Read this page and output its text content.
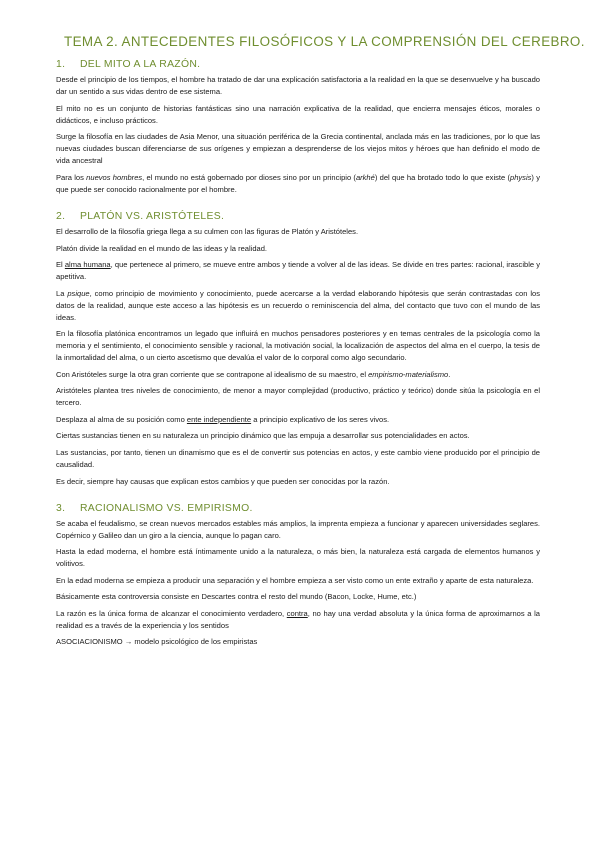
TEMA 2. ANTECEDENTES FILOSÓFICOS Y LA COMPRENSIÓN DEL CEREBRO.
1.	DEL MITO A LA RAZÓN.

Desde el principio de los tiempos, el hombre ha tratado de dar una explicación satisfactoria a la realidad en la que se desenvuelve y ha buscado dar un sentido a sus vidas dentro de ese sistema.

El mito no es un conjunto de historias fantásticas sino una narración explicativa de la realidad, que encierra mensajes éticos, morales o didácticos, e incluso prácticos.

Surge la filosofía en las ciudades de Asia Menor, una situación periférica de la Grecia continental, anclada más en las tradiciones, por lo que las nuevas ciudades buscan diferenciarse de sus orígenes y empiezan a desprenderse de los viejos mitos y héroes que han definido el modo de vida ancestral

Para los nuevos hombres, el mundo no está gobernado por dioses sino por un principio (arkhé) del que ha brotado todo lo que existe (physis) y que puede ser conocido racionalmente por el hombre.

2.	PLATÓN VS. ARISTÓTELES.

El desarrollo de la filosofía griega llega a su culmen con las figuras de Platón y Aristóteles.

Platón divide la realidad en el mundo de las ideas y la realidad.

El alma humana, que pertenece al primero, se mueve entre ambos y tiende a volver al de las ideas. Se divide en tres partes: racional, irascible y apetitiva.

La psique, como principio de movimiento y conocimiento, puede acercarse a la verdad elaborando hipótesis que serán contrastadas con los datos de la realidad, aunque este acceso a las hipótesis es un recuerdo o reminiscencia del alma, del contacto que tuvo con el mundo de las ideas.

En la filosofía platónica encontramos un legado que influirá en muchos pensadores posteriores y en temas centrales de la psicología como la memoria y el sentimiento, el conocimiento sensible y racional, la motivación social, la localización de aspectos del alma en el cuerpo, la tesis de la inmortalidad del alma, o un cierto ascetismo que devalúa el valor de lo corporal como algo secundario.

Con Aristóteles surge la otra gran corriente que se contrapone al idealismo de su maestro, el empirismo-materialismo.

Aristóteles plantea tres niveles de conocimiento, de menor a mayor complejidad (productivo, práctico y teórico) donde sitúa la psicología en el tercero.

Desplaza al alma de su posición como ente independiente a principio explicativo de los seres vivos.

Ciertas sustancias tienen en su naturaleza un principio dinámico que las empuja a desarrollar sus potencialidades en actos.

Las sustancias, por tanto, tienen un dinamismo que es el de convertir sus potencias en actos, y este cambio viene producido por el principio de causalidad.

Es decir, siempre hay causas que explican estos cambios y que pueden ser conocidas por la razón.

3.	RACIONALISMO VS. EMPIRISMO.

Se acaba el feudalismo, se crean nuevos mercados estables más amplios, la imprenta empieza a funcionar y aparecen universidades seglares. Copérnico y Galileo dan un giro a la ciencia, aunque lo pagan caro.

Hasta la edad moderna, el hombre está íntimamente unido a la naturaleza, o más bien, la naturaleza está cargada de elementos humanos y volitivos.

En la edad moderna se empieza a producir una separación y el hombre empieza a ser visto como un ente extraño y aparte de esta naturaleza.

Básicamente esta controversia consiste en Descartes contra el resto del mundo (Bacon, Locke, Hume, etc.)

La razón es la única forma de alcanzar el conocimiento verdadero, contra, no hay una verdad absoluta y la única forma de aproximarnos a la realidad es a través de la experiencia y los sentidos

ASOCIACIONISMO → modelo psicológico de los empiristas
